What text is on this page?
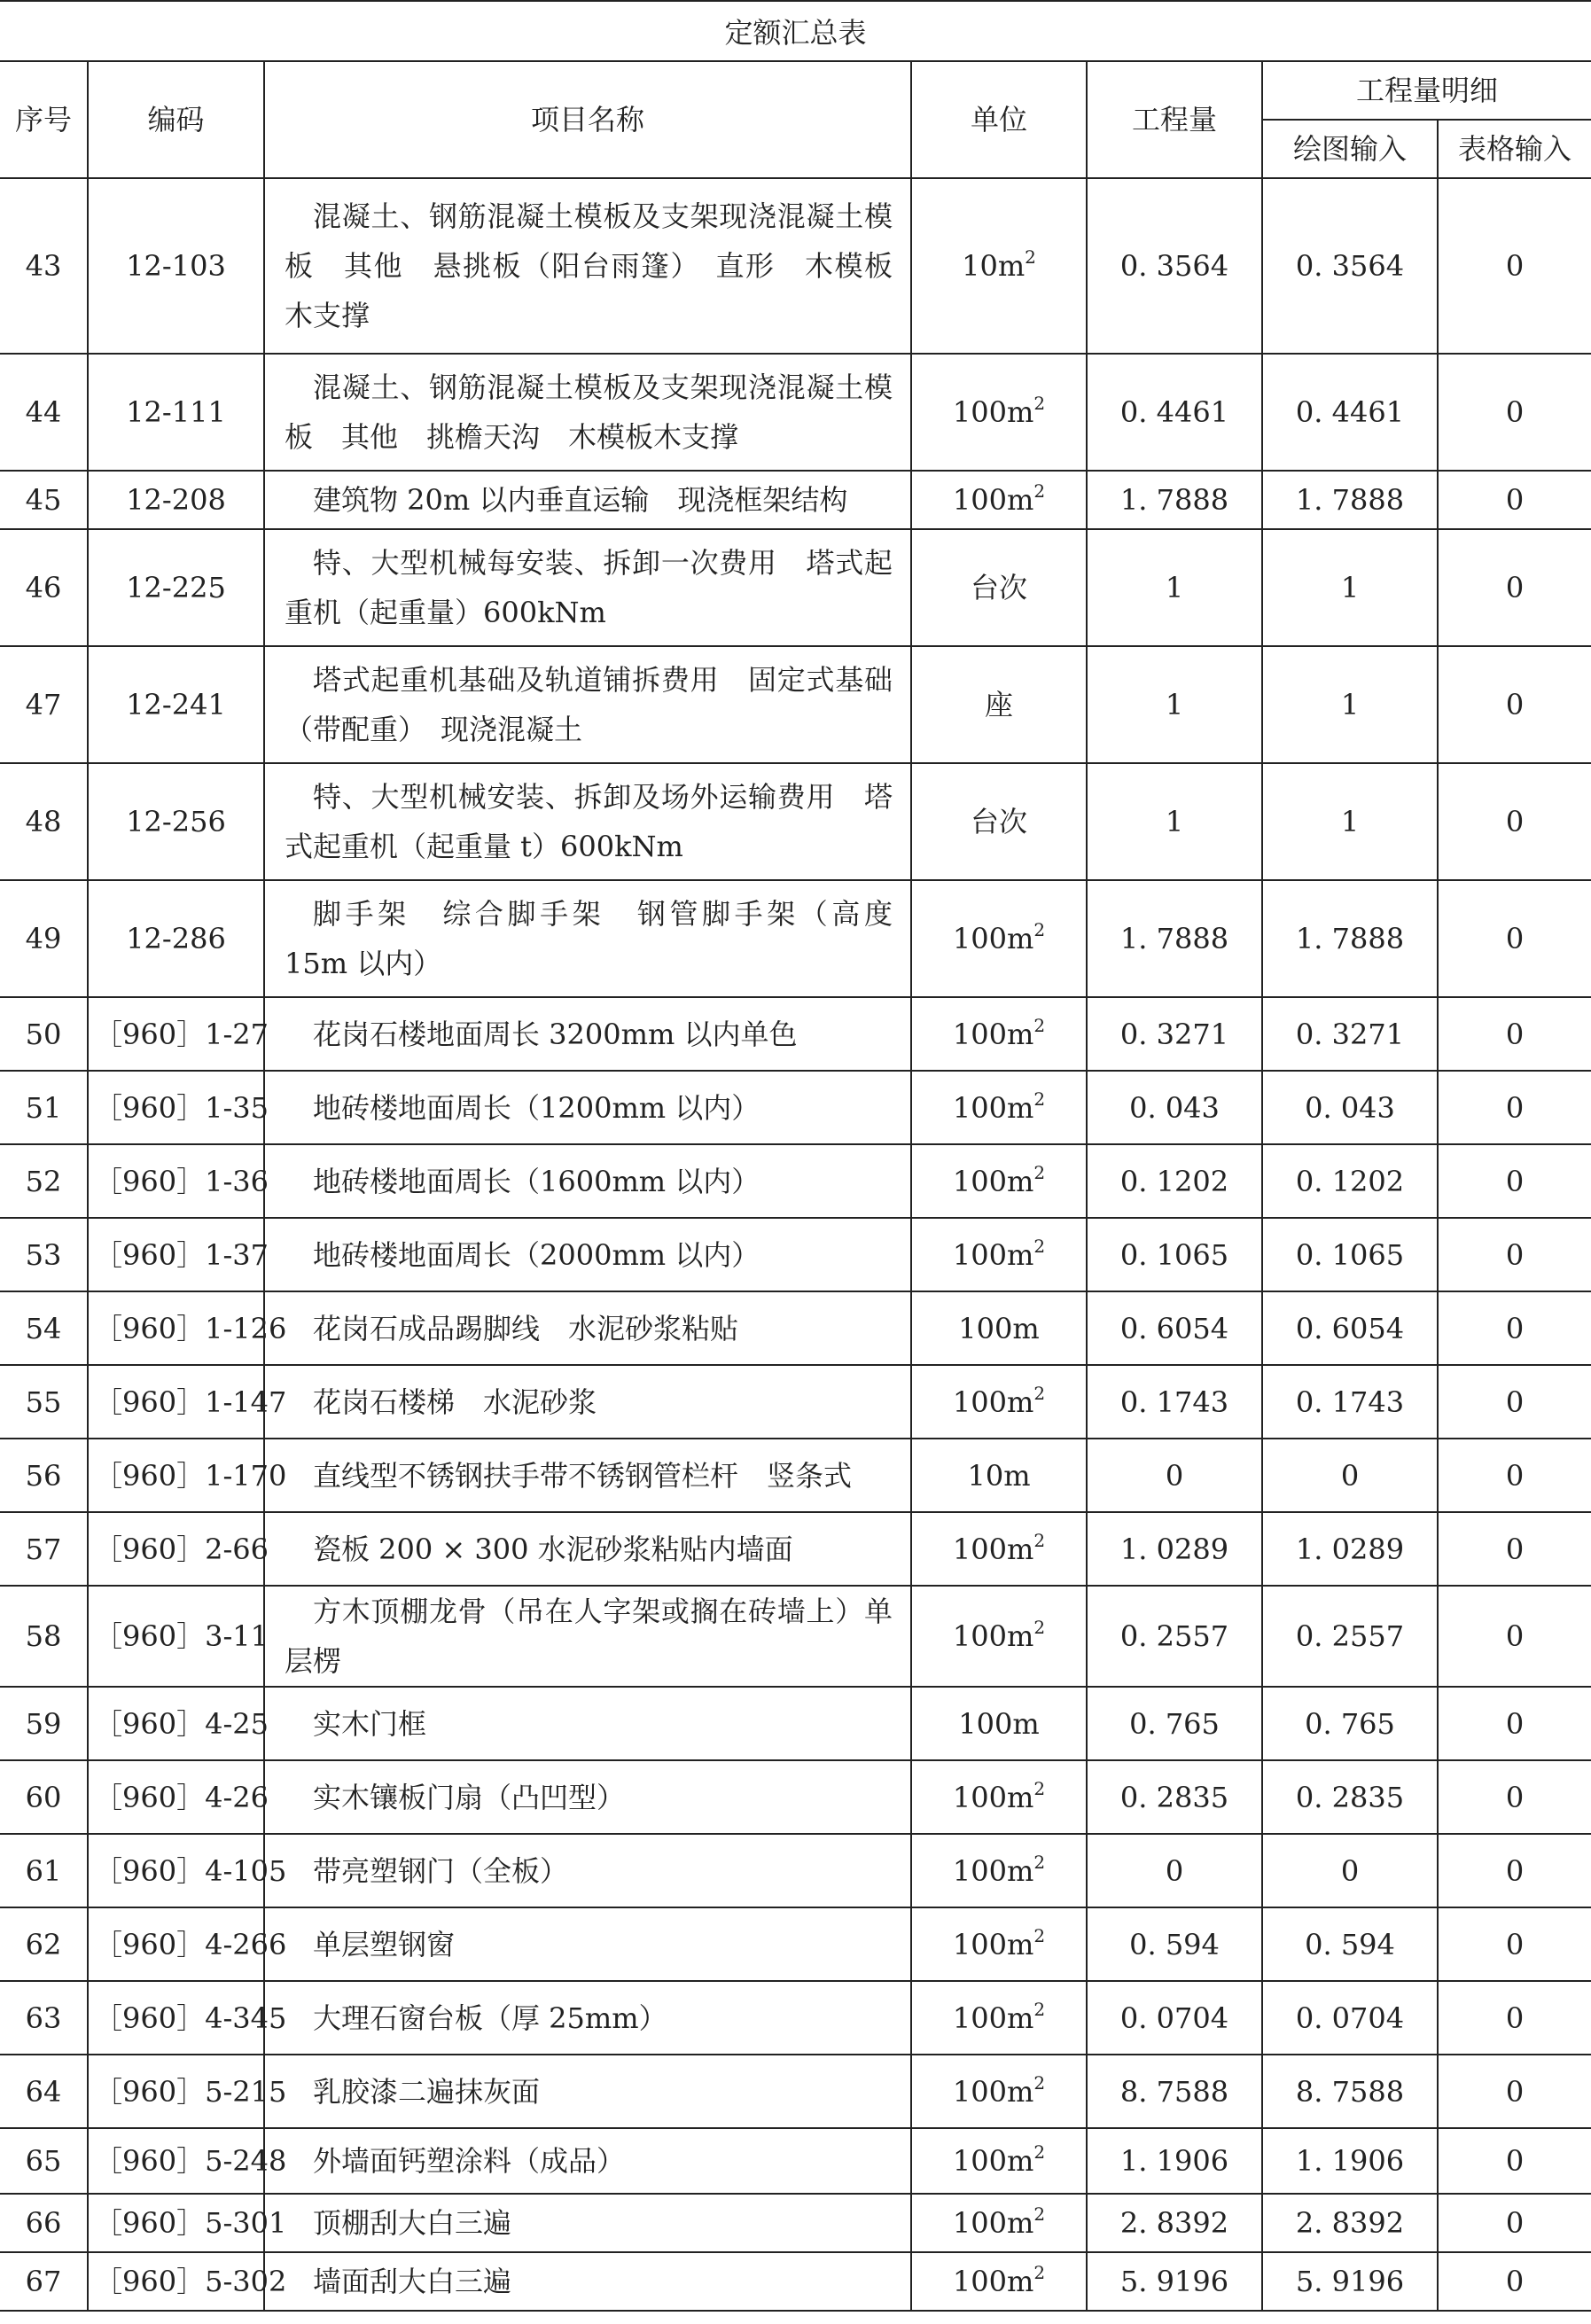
定额汇总表
序号	编码	项目名称	单位	工程量	工程量明细	
					绘图输入	表格输入
43	12-103	混凝土、钢筋混凝土模板及支架现浇混凝土模板　其他　悬挑板（阳台雨篷）　直形　木模板木支撑	$10m^2$	0. 3564	0. 3564	0
44	12-111	混凝土、钢筋混凝土模板及支架现浇混凝土模板　其他　挑檐天沟　木模板木支撑	$100m^2$	0. 4461	0. 4461	0
45	12-208	建筑物 20m 以内垂直运输　现浇框架结构	$100m^2$	1. 7888	1. 7888	0
46	12-225	特、大型机械每安装、拆卸一次费用　塔式起重机（起重量）600kNm	台次	1	1	0
47	12-241	塔式起重机基础及轨道铺拆费用　固定式基础（带配重）　现浇混凝土	座	1	1	0
48	12-256	特、大型机械安装、拆卸及场外运输费用　塔式起重机（起重量 t）600kNm	台次	1	1	0
49	12-286	脚手架　综合脚手架　钢管脚手架（高度 15m 以内）	$100m^2$	1. 7888	1. 7888	0
50	［960］1-27	花岗石楼地面周长 3200mm 以内单色	$100m^2$	0. 3271	0. 3271	0
51	［960］1-35	地砖楼地面周长（1200mm 以内）	$100m^2$	0. 043	0. 043	0
52	［960］1-36	地砖楼地面周长（1600mm 以内）	$100m^2$	0. 1202	0. 1202	0
53	［960］1-37	地砖楼地面周长（2000mm 以内）	$100m^2$	0. 1065	0. 1065	0
54	［960］1-126	花岗石成品踢脚线　水泥砂浆粘贴	100m	0. 6054	0. 6054	0
55	［960］1-147	花岗石楼梯　水泥砂浆	$100m^2$	0. 1743	0. 1743	0
56	［960］1-170	直线型不锈钢扶手带不锈钢管栏杆　竖条式	10m	0	0	0
57	［960］2-66	瓷板 200 × 300 水泥砂浆粘贴内墙面	$100m^2$	1. 0289	1. 0289	0
58	［960］3-11	方木顶棚龙骨（吊在人字架或搁在砖墙上）单层楞	$100m^2$	0. 2557	0. 2557	0
59	［960］4-25	实木门框	100m	0. 765	0. 765	0
60	［960］4-26	实木镶板门扇（凸凹型）	$100m^2$	0. 2835	0. 2835	0
61	［960］4-105	带亮塑钢门（全板）	$100m^2$	0	0	0
62	［960］4-266	单层塑钢窗	$100m^2$	0. 594	0. 594	0
63	［960］4-345	大理石窗台板（厚 25mm）	$100m^2$	0. 0704	0. 0704	0
64	［960］5-215	乳胶漆二遍抹灰面	$100m^2$	8. 7588	8. 7588	0
65	［960］5-248	外墙面钙塑涂料（成品）	$100m^2$	1. 1906	1. 1906	0
66	［960］5-301	顶棚刮大白三遍	$100m^2$	2. 8392	2. 8392	0
67	［960］5-302	墙面刮大白三遍	$100m^2$	5. 9196	5. 9196	0
